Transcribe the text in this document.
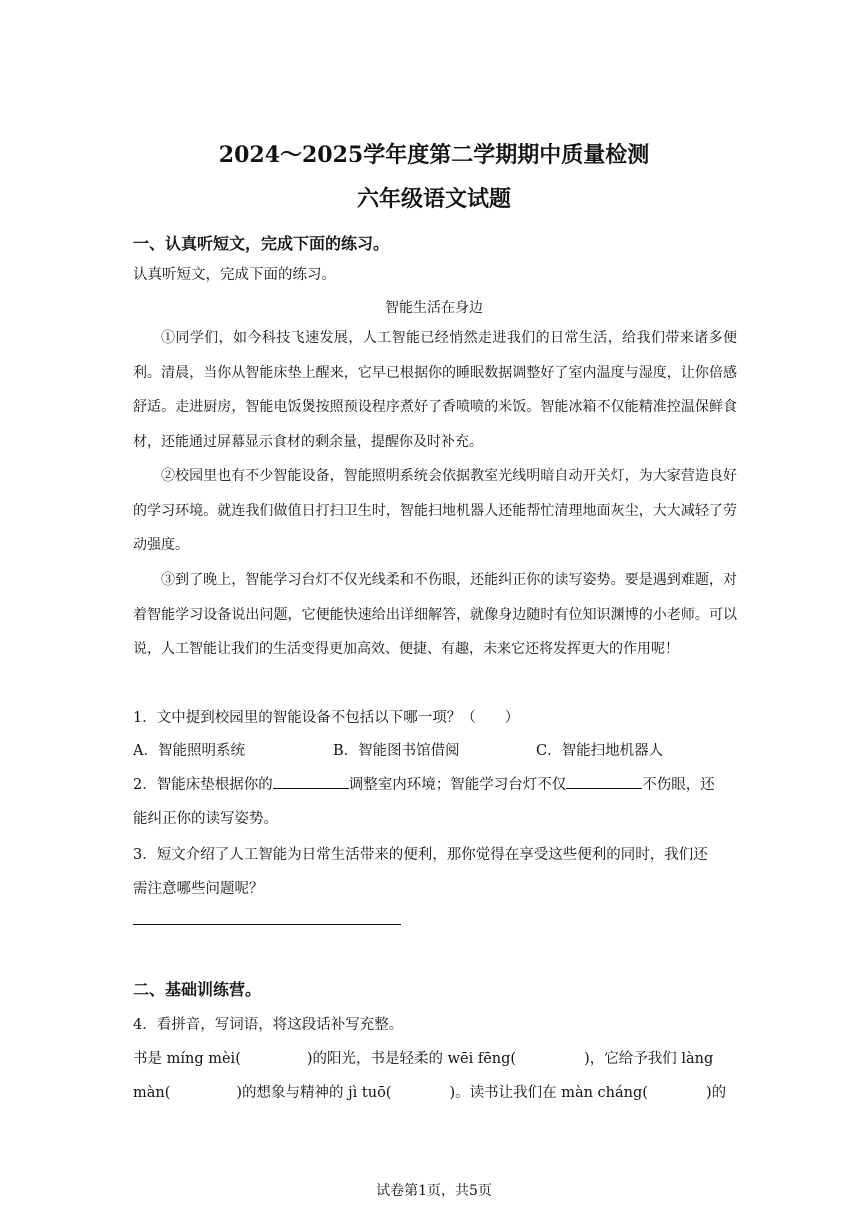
2024～2025学年度第二学期期中质量检测
六年级语文试题
一、认真听短文，完成下面的练习。
认真听短文，完成下面的练习。
智能生活在身边
①同学们，如今科技飞速发展，人工智能已经悄然走进我们的日常生活，给我们带来诸多便利。清晨，当你从智能床垫上醒来，它早已根据你的睡眠数据调整好了室内温度与湿度，让你倍感舒适。走进厨房，智能电饭煲按照预设程序煮好了香喷喷的米饭。智能冰箱不仅能精准控温保鲜食材，还能通过屏幕显示食材的剩余量，提醒你及时补充。
②校园里也有不少智能设备，智能照明系统会依据教室光线明暗自动开关灯，为大家营造良好的学习环境。就连我们做值日打扫卫生时，智能扫地机器人还能帮忙清理地面灰尘，大大减轻了劳动强度。
③到了晚上，智能学习台灯不仅光线柔和不伤眼，还能纠正你的读写姿势。要是遇到难题，对着智能学习设备说出问题，它便能快速给出详细解答，就像身边随时有位知识渊博的小老师。可以说，人工智能让我们的生活变得更加高效、便捷、有趣，未来它还将发挥更大的作用呢！
1．文中提到校园里的智能设备不包括以下哪一项？（　　）
A．智能照明系统	B．智能图书馆借阅	C．智能扫地机器人
2．智能床垫根据你的	调整室内环境；智能学习台灯不仅	不伤眼，还
能纠正你的读写姿势。
3．短文介绍了人工智能为日常生活带来的便利，那你觉得在享受这些便利的同时，我们还
需注意哪些问题呢？
二、基础训练营。
4．看拼音，写词语，将这段话补写充整。
书是 míng mèi(	)的阳光，书是轻柔的 wēi fēng(	)，它给予我们 làng
màn(	)的想象与精神的 jì tuō(	)。读书让我们在 màn cháng(	)的
试卷第1页，共5页
